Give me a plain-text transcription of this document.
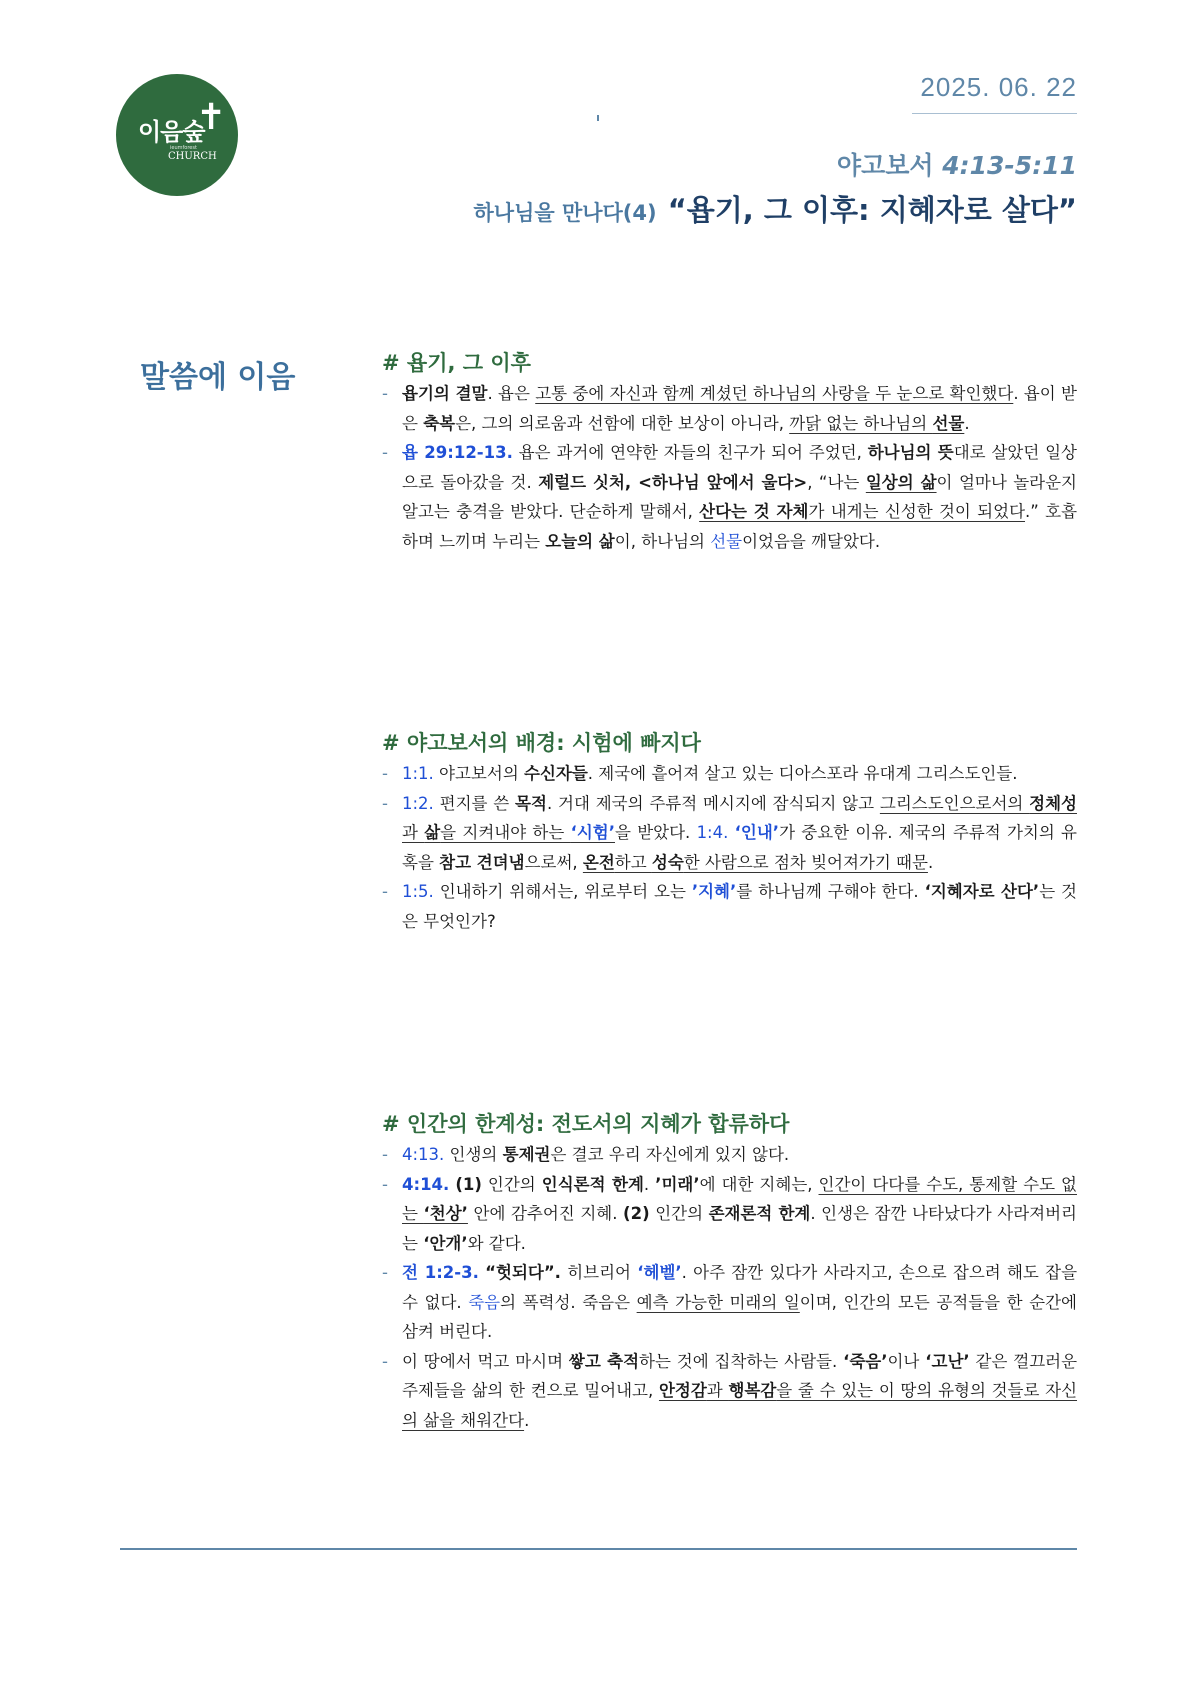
이음숲
✝
ieumforest
CHURCH
2025. 06. 22
야고보서 4:13-5:11
하나님을 만나다(4) “욥기, 그 이후: 지혜자로 살다”
말씀에 이음	# 욥기, 그 이후
- 욥기의 결말. 욥은 고통 중에 자신과 함께 계셨던 하나님의 사랑을 두 눈으로 확인했다. 욥이 받은 축복은, 그의 의로움과 선함에 대한 보상이 아니라, 까닭 없는 하나님의 선물.
- 욥 29:12-13. 욥은 과거에 연약한 자들의 친구가 되어 주었던, 하나님의 뜻대로 살았던 일상으로 돌아갔을 것. 제럴드 싯처, <하나님 앞에서 울다>, “나는 일상의 삶이 얼마나 놀라운지 알고는 충격을 받았다. 단순하게 말해서, 산다는 것 자체가 내게는 신성한 것이 되었다.” 호흡하며 느끼며 누리는 오늘의 삶이, 하나님의 선물이었음을 깨달았다.
# 야고보서의 배경: 시험에 빠지다
- 1:1. 야고보서의 수신자들. 제국에 흩어져 살고 있는 디아스포라 유대계 그리스도인들.
- 1:2. 편지를 쓴 목적. 거대 제국의 주류적 메시지에 잠식되지 않고 그리스도인으로서의 정체성과 삶을 지켜내야 하는 ‘시험’을 받았다. 1:4. ‘인내’가 중요한 이유. 제국의 주류적 가치의 유혹을 참고 견뎌냄으로써, 온전하고 성숙한 사람으로 점차 빚어져가기 때문.
- 1:5. 인내하기 위해서는, 위로부터 오는 ’지혜’를 하나님께 구해야 한다. ‘지혜자로 산다’는 것은 무엇인가?
# 인간의 한계성: 전도서의 지혜가 합류하다
- 4:13. 인생의 통제권은 결코 우리 자신에게 있지 않다.
- 4:14. (1) 인간의 인식론적 한계. ’미래’에 대한 지혜는, 인간이 다다를 수도, 통제할 수도 없는 ‘천상’ 안에 감추어진 지혜. (2) 인간의 존재론적 한계. 인생은 잠깐 나타났다가 사라져버리는 ‘안개’와 같다.
- 전 1:2-3. “헛되다”. 히브리어 ‘헤벨’. 아주 잠깐 있다가 사라지고, 손으로 잡으려 해도 잡을 수 없다. 죽음의 폭력성. 죽음은 예측 가능한 미래의 일이며, 인간의 모든 공적들을 한 순간에 삼켜 버린다.
- 이 땅에서 먹고 마시며 쌓고 축적하는 것에 집착하는 사람들. ‘죽음’이나 ‘고난’ 같은 껄끄러운 주제들을 삶의 한 켠으로 밀어내고, 안정감과 행복감을 줄 수 있는 이 땅의 유형의 것들로 자신의 삶을 채워간다.
